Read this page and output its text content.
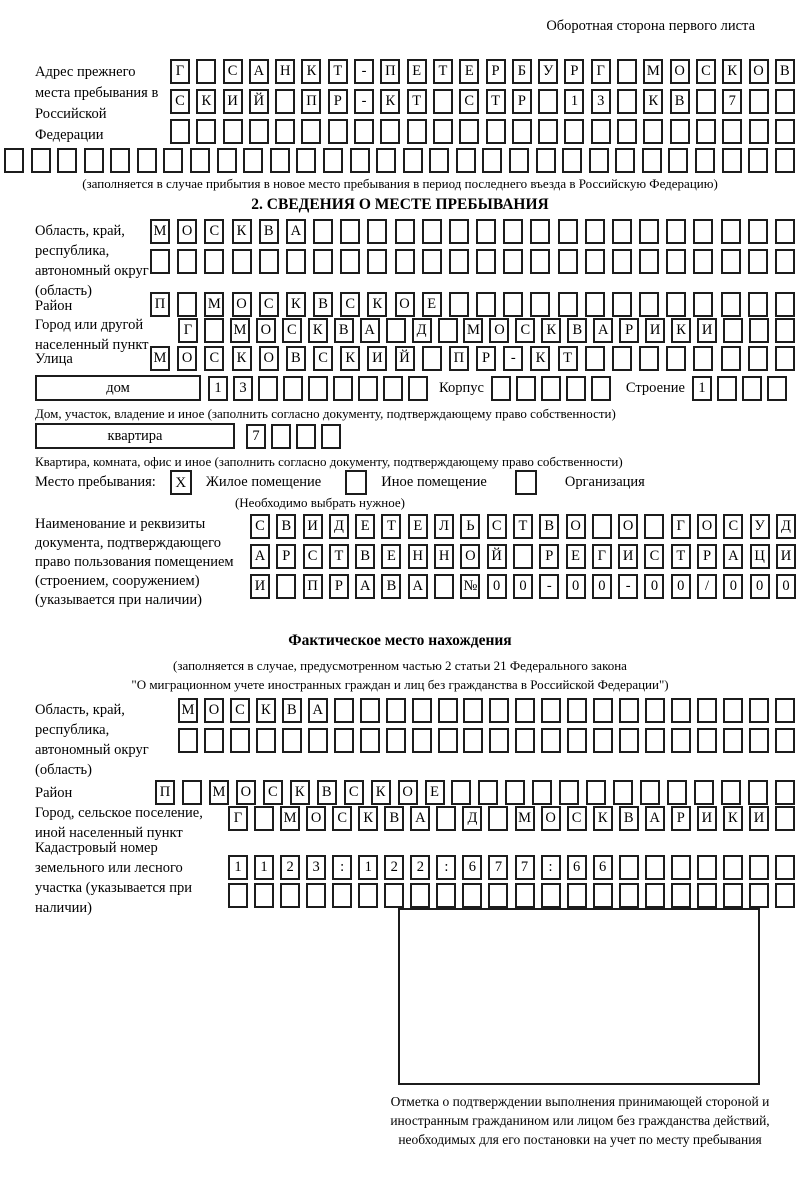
Оборотная сторона первого листа
Адрес прежнего места пребывания в Российской Федерации
Г	С	А	Н	К	Т	-	П	Е	Т	Е	Р	Б	У	Р	Г	М	О	С	К	О	В
С	К	И	Й	П	Р	-	К	Т	С	Т	Р	1	3	К	В	7
(заполняется в случае прибытия в новое место пребывания в период последнего въезда в Российскую Федерацию)
2. СВЕДЕНИЯ О МЕСТЕ ПРЕБЫВАНИЯ
Область, край, республика, автономный округ (область)
М	О	С	К	В	А
Район	П	М	О	С	К	В	С	К	О	Е
Город или другой населенный пункт
Г	М О	С	К	В	А	Д	М О	С	К	В	А	Р	И	К	И
Улица	М	О	С	К	О	В	С	К	И	Й	П	Р	-	К	Т
дом	1	3	Корпус	Строение 1
Дом, участок, владение и иное (заполнить согласно документу, подтверждающему право собственности)
квартира	7
Квартира, комната, офис и иное (заполнить согласно документу, подтверждающему право собственности)
Место пребывания:	X	Жилое помещение	Иное помещение	Организация
(Необходимо выбрать нужное)
Наименование и реквизиты документа, подтверждающего право пользования помещением (строением, сооружением) (указывается при наличии)
С	В	И	Д	Е	Т	Е	Л	Ь	С	Т	В	О	О	Г	О	С	У	Д
А	Р	С	Т	В	Е	Н	Н	О	Й	Р	Е	Г	И	С	Т	Р	А	Ц	И
И	П	Р	А	В	А	№	0	0	-	0	0	-	0	0	/	0	0	0
Фактическое место нахождения
(заполняется в случае, предусмотренном частью 2 статьи 21 Федерального закона
"О миграционном учете иностранных граждан и лиц без гражданства в Российской Федерации")
Область, край, республика, автономный округ (область)
М О	С	К	В	А
Район	П	М	О	С	К	В	С	К	О	Е
Город, сельское поселение, иной населенный пункт
Г	М О	С	К	В	А	Д	М О	С	К	В	А	Р	И	К	И
Кадастровый номер земельного или лесного участка (указывается при наличии)
1	1	2	3	:	1	2	2	:	6	7	7	:	6	6
Отметка о подтверждении выполнения принимающей стороной и иностранным гражданином или лицом без гражданства действий, необходимых для его постановки на учет по месту пребывания
